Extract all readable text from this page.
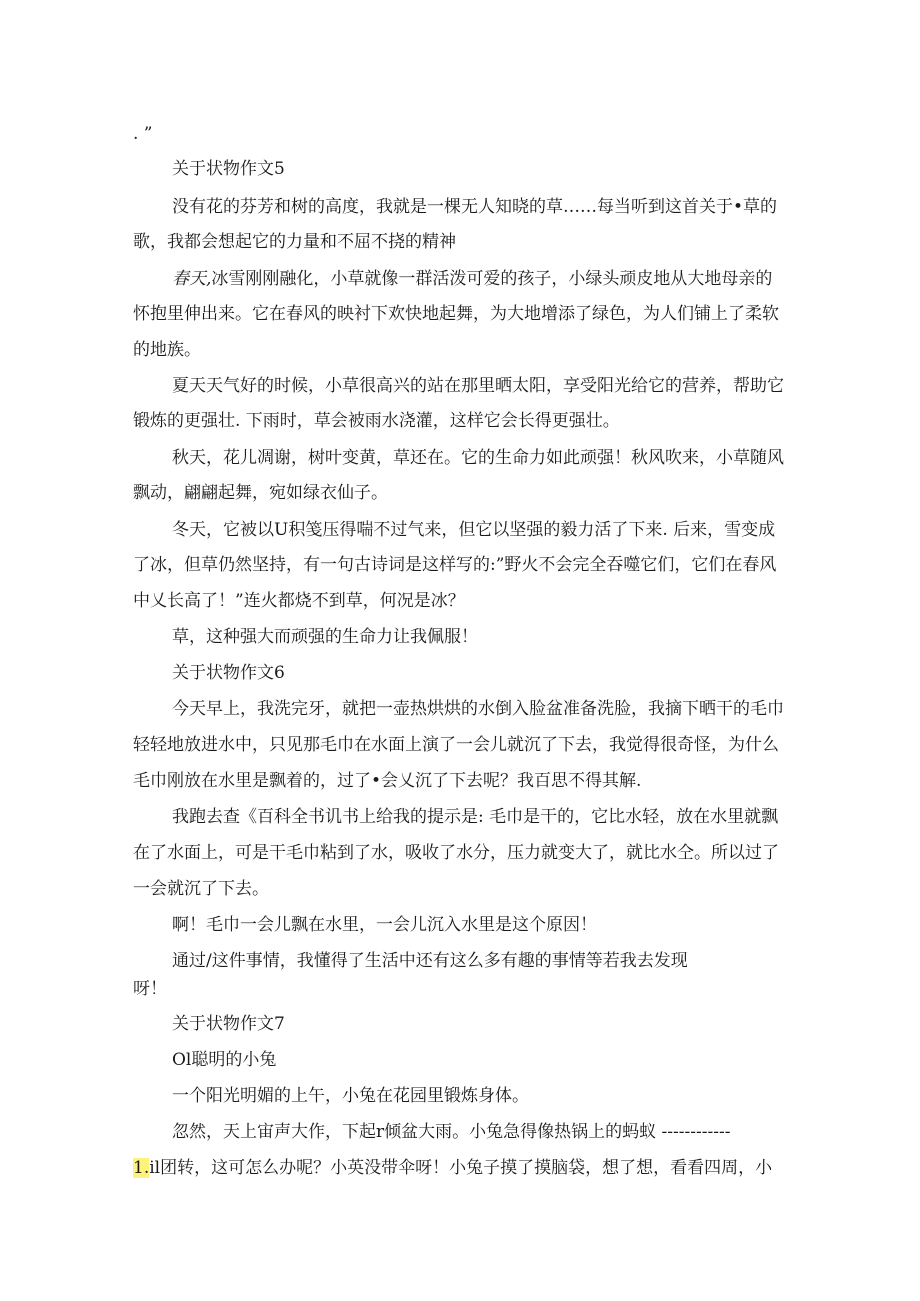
. ”
关于状物作文5
没有花的芬芳和树的高度，我就是一棵无人知晓的草……每当听到这首关于•草的
歌，我都会想起它的力量和不屈不挠的精神
春天,冰雪刚刚融化，小草就像一群活泼可爱的孩子，小绿头顽皮地从大地母亲的
怀抱里伸出来。它在春风的映衬下欢快地起舞，为大地增添了绿色，为人们铺上了柔软
的地族。
夏天天气好的时候，小草很高兴的站在那里晒太阳，享受阳光给它的营养，帮助它
锻炼的更强壮. 下雨时，草会被雨水浇灌，这样它会长得更强壮。
秋天，花儿凋谢，树叶变黄，草还在。它的生命力如此顽强！秋风吹来，小草随风
飘动，翩翩起舞，宛如绿衣仙子。
冬天，它被以U积笺压得喘不过气来，但它以坚强的毅力活了下来. 后来，雪变成
了冰，但草仍然坚持，有一句古诗词是这样写的:”野火不会完全吞噬它们，它们在春风
中乂长高了！”连火都烧不到草，何况是冰？
草，这种强大而顽强的生命力让我佩服！
关于状物作文6
今天早上，我洗完牙，就把一壶热烘烘的水倒入脸盆准备洗脸，我摘下晒干的毛巾
轻轻地放进水中，只见那毛巾在水面上演了一会儿就沉了下去，我觉得很奇怪，为什么
毛巾刚放在水里是飘着的，过了•会乂沉了下去呢？我百思不得其解.
我跑去查《百科全书讥书上给我的提示是: 毛巾是干的，它比水轻，放在水里就飘
在了水面上，可是干毛巾粘到了水，吸收了水分，压力就变大了，就比水仝。所以过了
一会就沉了下去。
啊！毛巾一会儿飘在水里，一会儿沉入水里是这个原因！
通过/这件事情，我懂得了生活中还有这么多有趣的事情等若我去发现
呀！
关于状物作文7
Ol聪明的小兔
一个阳光明媚的上午，小兔在花园里锻炼身体。
忽然，天上宙声大作，下起r倾盆大雨。小兔急得像热锅上的蚂蚁 ------------
1.il团转，这可怎么办呢？小英没带伞呀！小兔子摸了摸脑袋，想了想，看看四周，小
